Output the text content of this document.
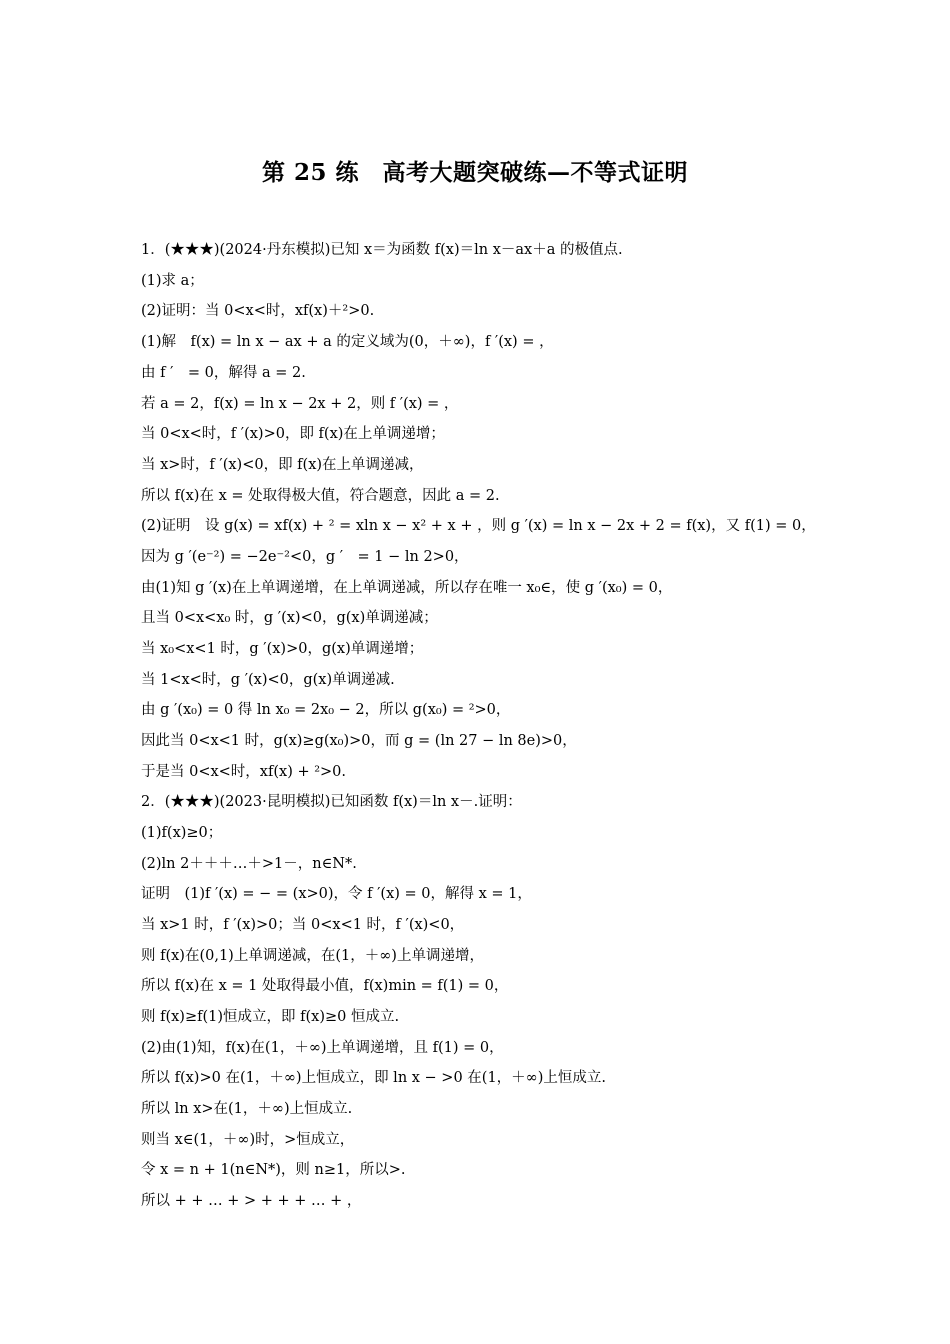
第 25 练　高考大题突破练—不等式证明
1．(★★★)(2024·丹东模拟)已知 x＝为函数 f(x)＝ln x－ax＋a 的极值点.
(1)求 a；
(2)证明：当 0<x<时，xf(x)＋²>0.
(1)解　f(x) = ln x − ax + a 的定义域为(0，＋∞)，f ′(x) = ，
由 f ′　= 0，解得 a = 2.
若 a = 2，f(x) = ln x − 2x + 2，则 f ′(x) = ，
当 0<x<时，f ′(x)>0，即 f(x)在上单调递增；
当 x>时，f ′(x)<0，即 f(x)在上单调递减，
所以 f(x)在 x = 处取得极大值，符合题意，因此 a = 2.
(2)证明　设 g(x) = xf(x) + ² = xln x − x² + x + ，则 g ′(x) = ln x − 2x + 2 = f(x)，又 f(1) = 0，
因为 g ′(e⁻²) = −2e⁻²<0，g ′　= 1 − ln 2>0，
由(1)知 g ′(x)在上单调递增，在上单调递减，所以存在唯一 x₀∈，使 g ′(x₀) = 0，
且当 0<x<x₀ 时，g ′(x)<0，g(x)单调递减；
当 x₀<x<1 时，g ′(x)>0，g(x)单调递增；
当 1<x<时，g ′(x)<0，g(x)单调递减.
由 g ′(x₀) = 0 得 ln x₀ = 2x₀ − 2，所以 g(x₀) = ²>0，
因此当 0<x<1 时，g(x)≥g(x₀)>0，而 g = (ln 27 − ln 8e)>0，
于是当 0<x<时，xf(x) + ²>0.
2．(★★★)(2023·昆明模拟)已知函数 f(x)＝ln x－.证明：
(1)f(x)≥0；
(2)ln 2＋＋＋…＋>1－，n∈N*.
证明　(1)f ′(x) = − = (x>0)，令 f ′(x) = 0，解得 x = 1，
当 x>1 时，f ′(x)>0；当 0<x<1 时，f ′(x)<0，
则 f(x)在(0,1)上单调递减，在(1，＋∞)上单调递增，
所以 f(x)在 x = 1 处取得最小值，f(x)min = f(1) = 0，
则 f(x)≥f(1)恒成立，即 f(x)≥0 恒成立.
(2)由(1)知，f(x)在(1，＋∞)上单调递增，且 f(1) = 0，
所以 f(x)>0 在(1，＋∞)上恒成立，即 ln x − >0 在(1，＋∞)上恒成立.
所以 ln x>在(1，＋∞)上恒成立.
则当 x∈(1，＋∞)时，>恒成立，
令 x = n + 1(n∈N*)，则 n≥1，所以>.
所以 + + … + > + + + … + ，
